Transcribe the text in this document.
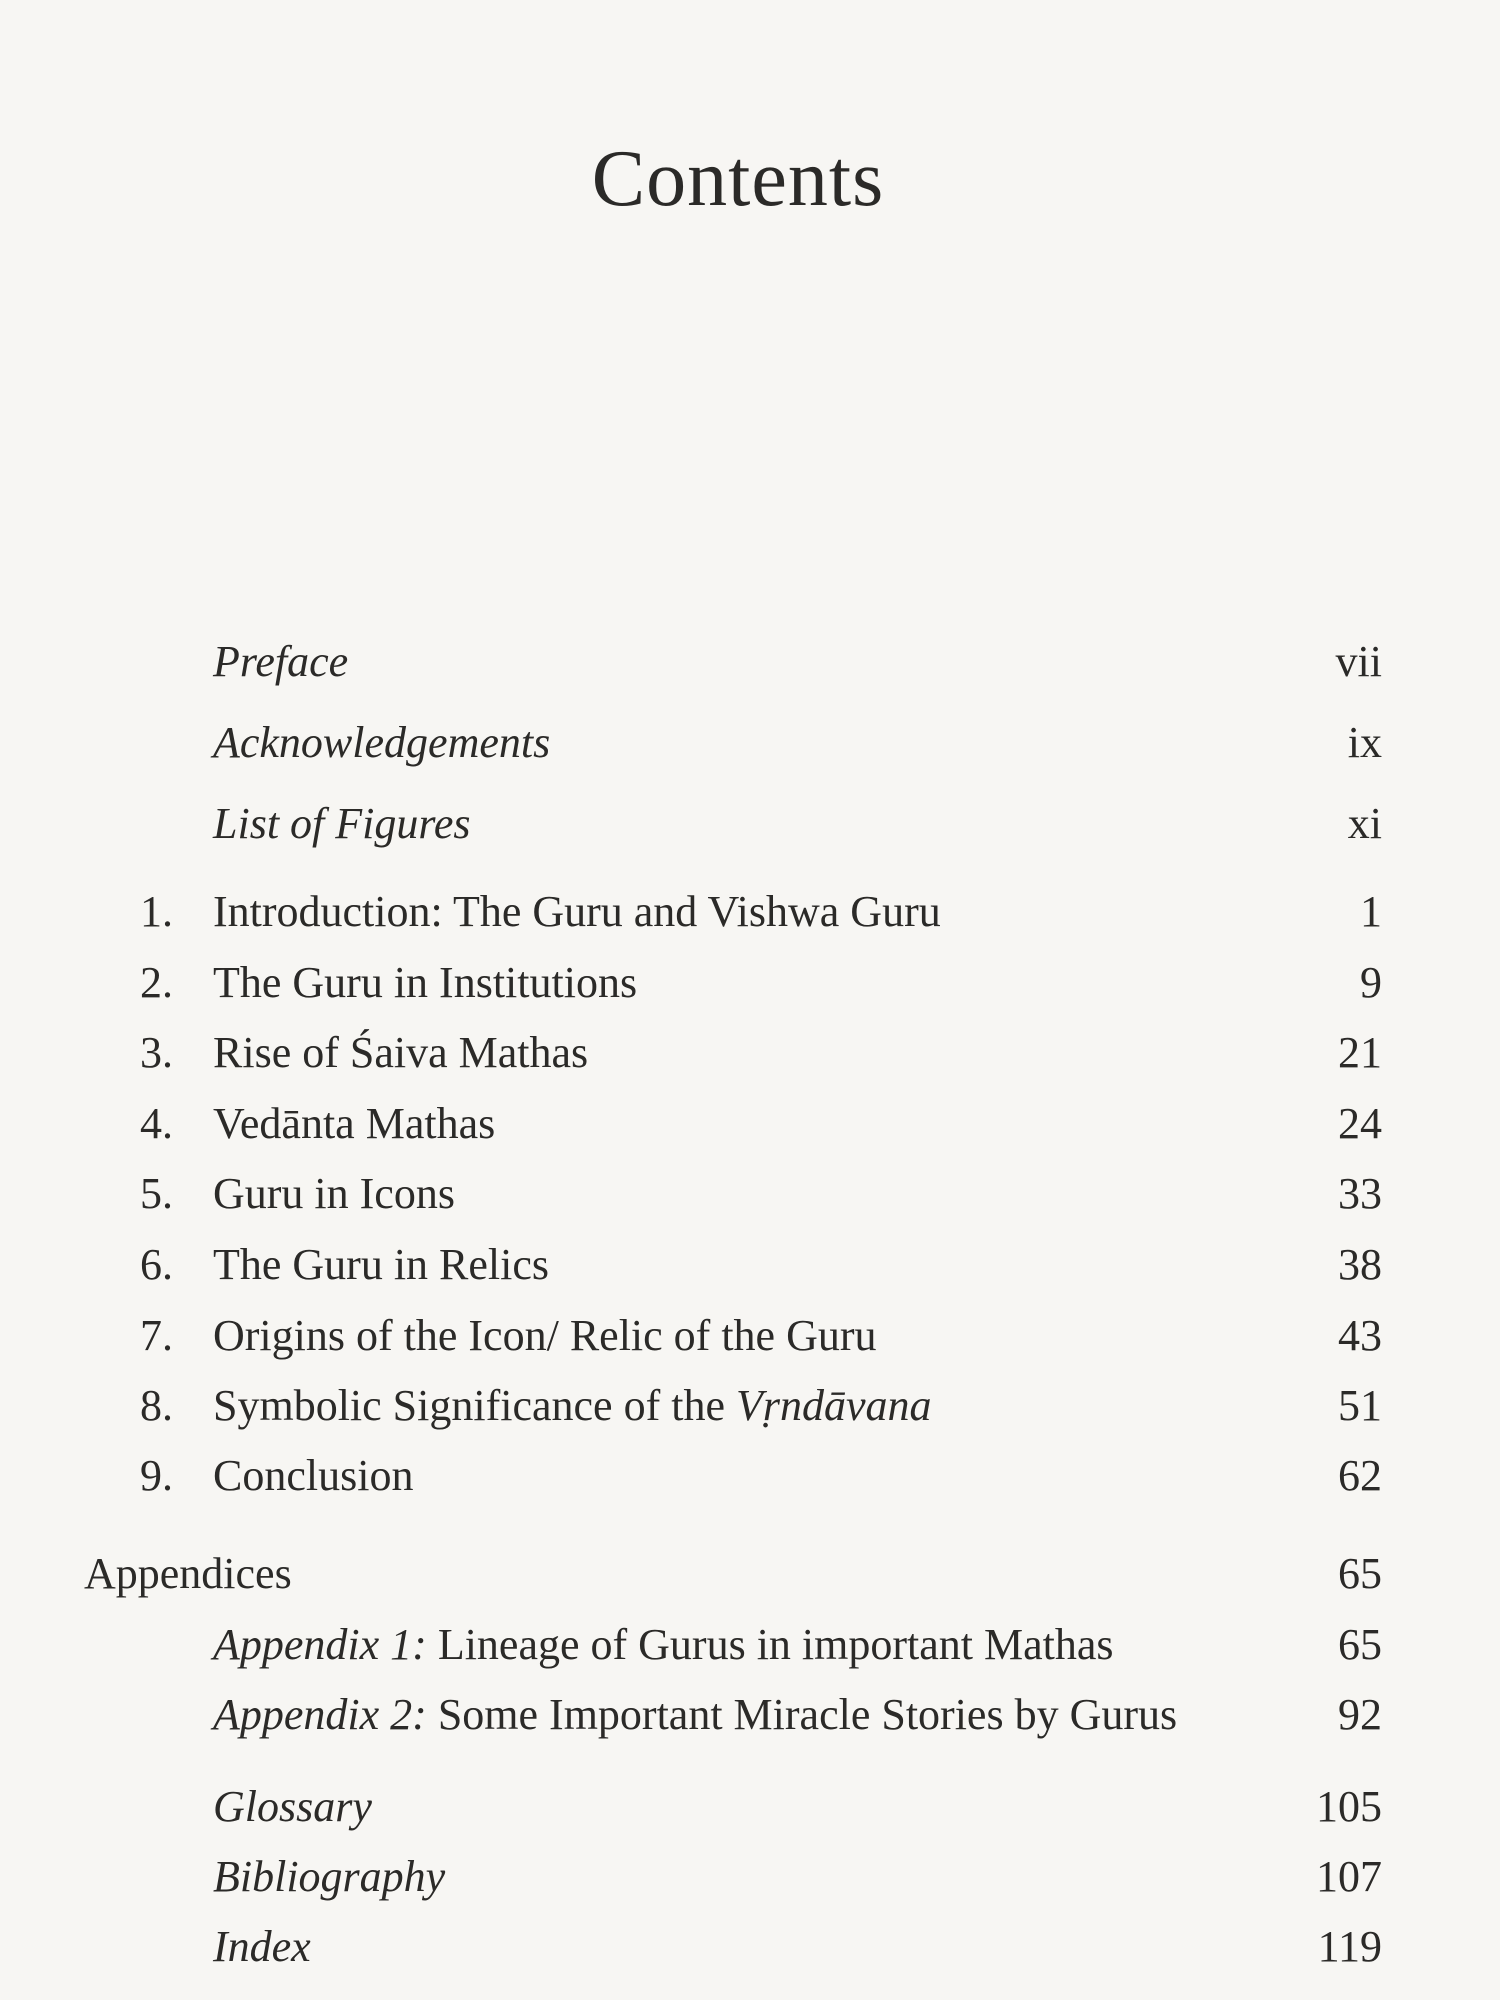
Contents
Preface	vii
Acknowledgements	ix
List of Figures	xi
1. Introduction: The Guru and Vishwa Guru	1
2. The Guru in Institutions	9
3. Rise of Śaiva Mathas	21
4. Vedānta Mathas	24
5. Guru in Icons	33
6. The Guru in Relics	38
7. Origins of the Icon/ Relic of the Guru	43
8. Symbolic Significance of the Vṛndāvana	51
9. Conclusion	62
Appendices	65
Appendix 1: Lineage of Gurus in important Mathas	65
Appendix 2: Some Important Miracle Stories by Gurus	92
Glossary	105
Bibliography	107
Index	119
